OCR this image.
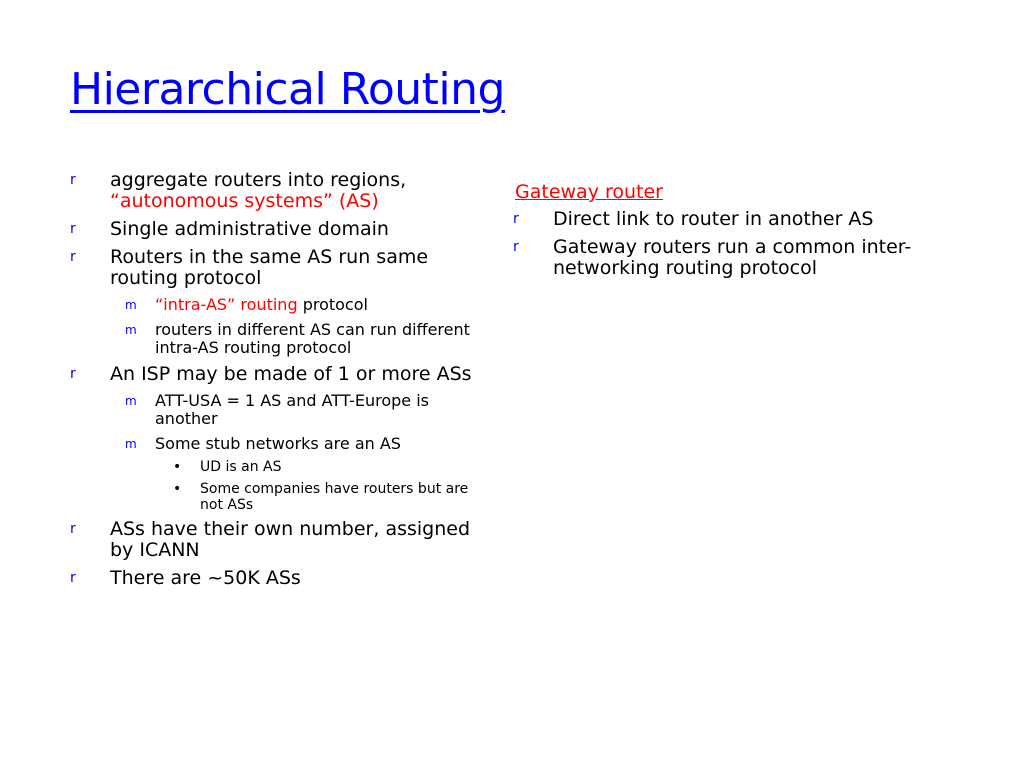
Hierarchical Routing
r aggregate routers into regions,
“autonomous systems” (AS)
r Single administrative domain
r Routers in the same AS run same routing protocol
m “intra-AS” routing protocol
m routers in different AS can run different intra-AS routing protocol
r An ISP may be made of 1 or more ASs
m ATT-USA = 1 AS and ATT-Europe is another
m Some stub networks are an AS
• UD is an AS
• Some companies have routers but are not ASs
r ASs have their own number, assigned by ICANN
r There are ~50K ASs
Gateway router
r Direct link to router in another AS
r Gateway routers run a common inter-networking routing protocol
